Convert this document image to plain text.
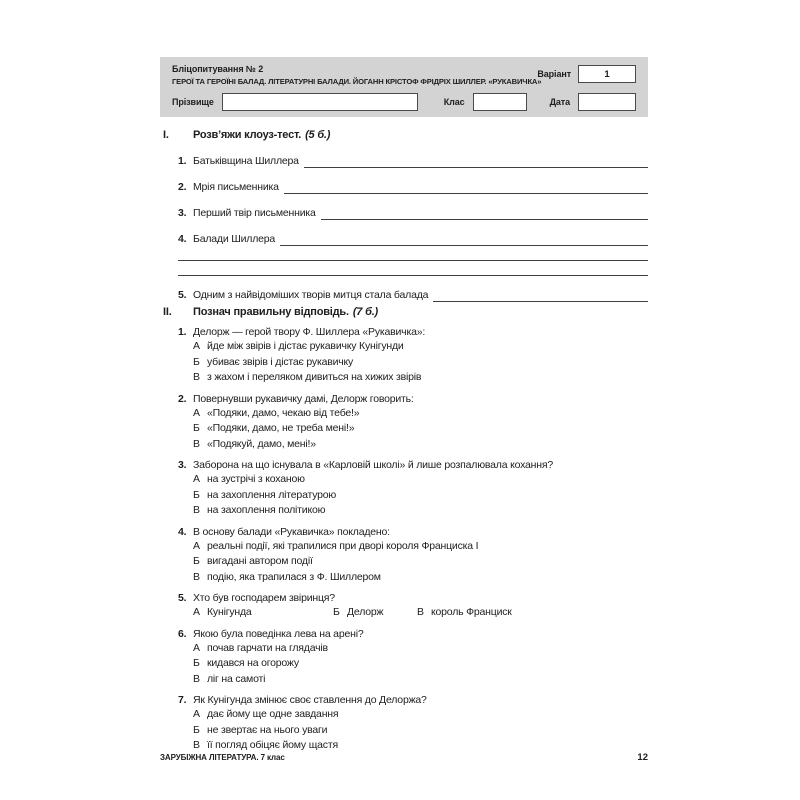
Бліцопитування № 2
ГЕРОЇ ТА ГЕРОЇНІ БАЛАД. ЛІТЕРАТУРНІ БАЛАДИ. ЙОГАНН КРІСТОФ ФРІДРІХ ШИЛЛЕР. «РУКАВИЧКА»
Варіант	1
Прізвище	Клас	Дата
I.	Розв’яжи клоуз-тест. (5 б.)
1. Батьківщина Шиллера
2. Мрія письменника
3. Перший твір письменника
4. Балади Шиллера
5. Одним з найвідоміших творів митця стала балада
II.	Познач правильну відповідь. (7 б.)
1. Делорж — герой твору Ф. Шиллера «Рукавичка»:
А йде між звірів і дістає рукавичку Кунігунди
Б убиває звірів і дістає рукавичку
В з жахом і переляком дивиться на хижих звірів
2. Повернувши рукавичку дамі, Делорж говорить:
А «Подяки, дамо, чекаю від тебе!»
Б «Подяки, дамо, не треба мені!»
В «Подякуй, дамо, мені!»
3. Заборона на що існувала в «Карловій школі» й лише розпалювала кохання?
А на зустрічі з коханою
Б на захоплення літературою
В на захоплення політикою
4. В основу балади «Рукавичка» покладено:
А реальні події, які трапилися при дворі короля Франциска І
Б вигадані автором події
В подію, яка трапилася з Ф. Шиллером
5. Хто був господарем звіринця?
А Кунігунда	Б Делорж	В король Франциск
6. Якою була поведінка лева на арені?
А почав гарчати на глядачів
Б кидався на огорожу
В ліг на самоті
7. Як Кунігунда змінює своє ставлення до Делоржа?
А дає йому ще одне завдання
Б не звертає на нього уваги
В її погляд обіцяє йому щастя
ЗАРУБІЖНА ЛІТЕРАТУРА. 7 клас	12
